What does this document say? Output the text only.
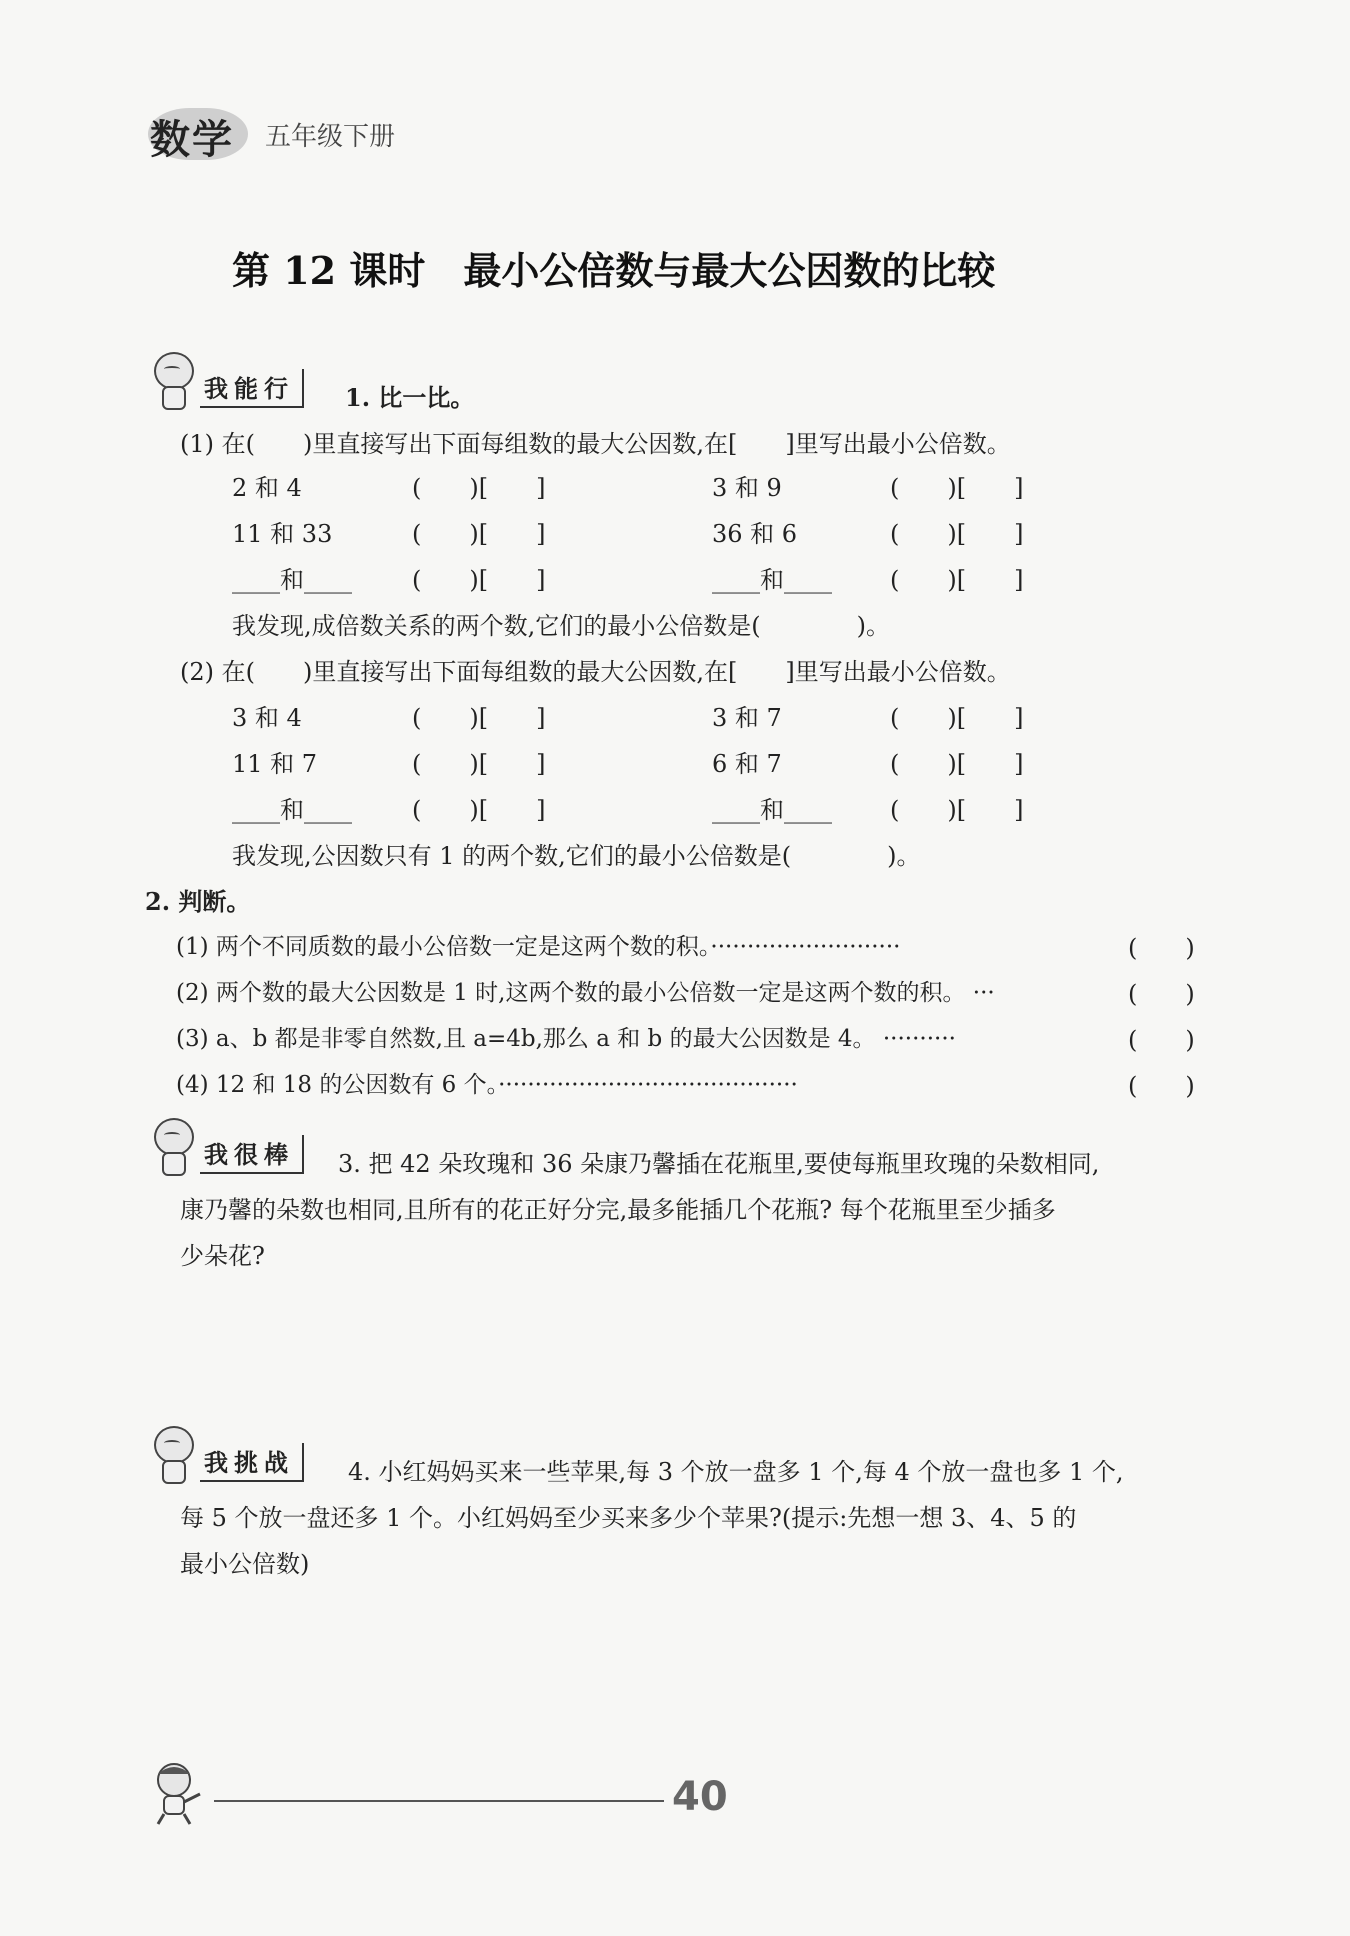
数学 五年级下册
第 12 课时　最小公倍数与最大公因数的比较
我能行	1. 比一比。
(1) 在(　　)里直接写出下面每组数的最大公因数,在[　　]里写出最小公倍数。
2 和 4	(　　)[　　]	3 和 9	(　　)[　　]
11 和 33	(　　)[　　]	36 和 6	(　　)[　　]
____和____	(　　)[　　]	____和____ (　　)[　　]
我发现,成倍数关系的两个数,它们的最小公倍数是(　　　　)。
(2) 在(　　)里直接写出下面每组数的最大公因数,在[　　]里写出最小公倍数。
3 和 4	(　　)[　　]	3 和 7	(　　)[　　]
11 和 7	(　　)[　　]	6 和 7	(　　)[　　]
____和____	(　　)[　　]	____和____ (　　)[　　]
我发现,公因数只有 1 的两个数,它们的最小公倍数是(　　　　)。
2. 判断。
(1) 两个不同质数的最小公倍数一定是这两个数的积。··························	(　　)
(2) 两个数的最大公因数是 1 时,这两个数的最小公倍数一定是这两个数的积。 ···	(　　)
(3) a、b 都是非零自然数,且 a=4b,那么 a 和 b 的最大公因数是 4。 ··········	(　　)
(4) 12 和 18 的公因数有 6 个。·········································	(　　)
我很棒	3. 把 42 朵玫瑰和 36 朵康乃馨插在花瓶里,要使每瓶里玫瑰的朵数相同,
康乃馨的朵数也相同,且所有的花正好分完,最多能插几个花瓶? 每个花瓶里至少插多
少朵花?
我挑战	4. 小红妈妈买来一些苹果,每 3 个放一盘多 1 个,每 4 个放一盘也多 1 个,
每 5 个放一盘还多 1 个。小红妈妈至少买来多少个苹果?(提示:先想一想 3、4、5 的
最小公倍数)
40
